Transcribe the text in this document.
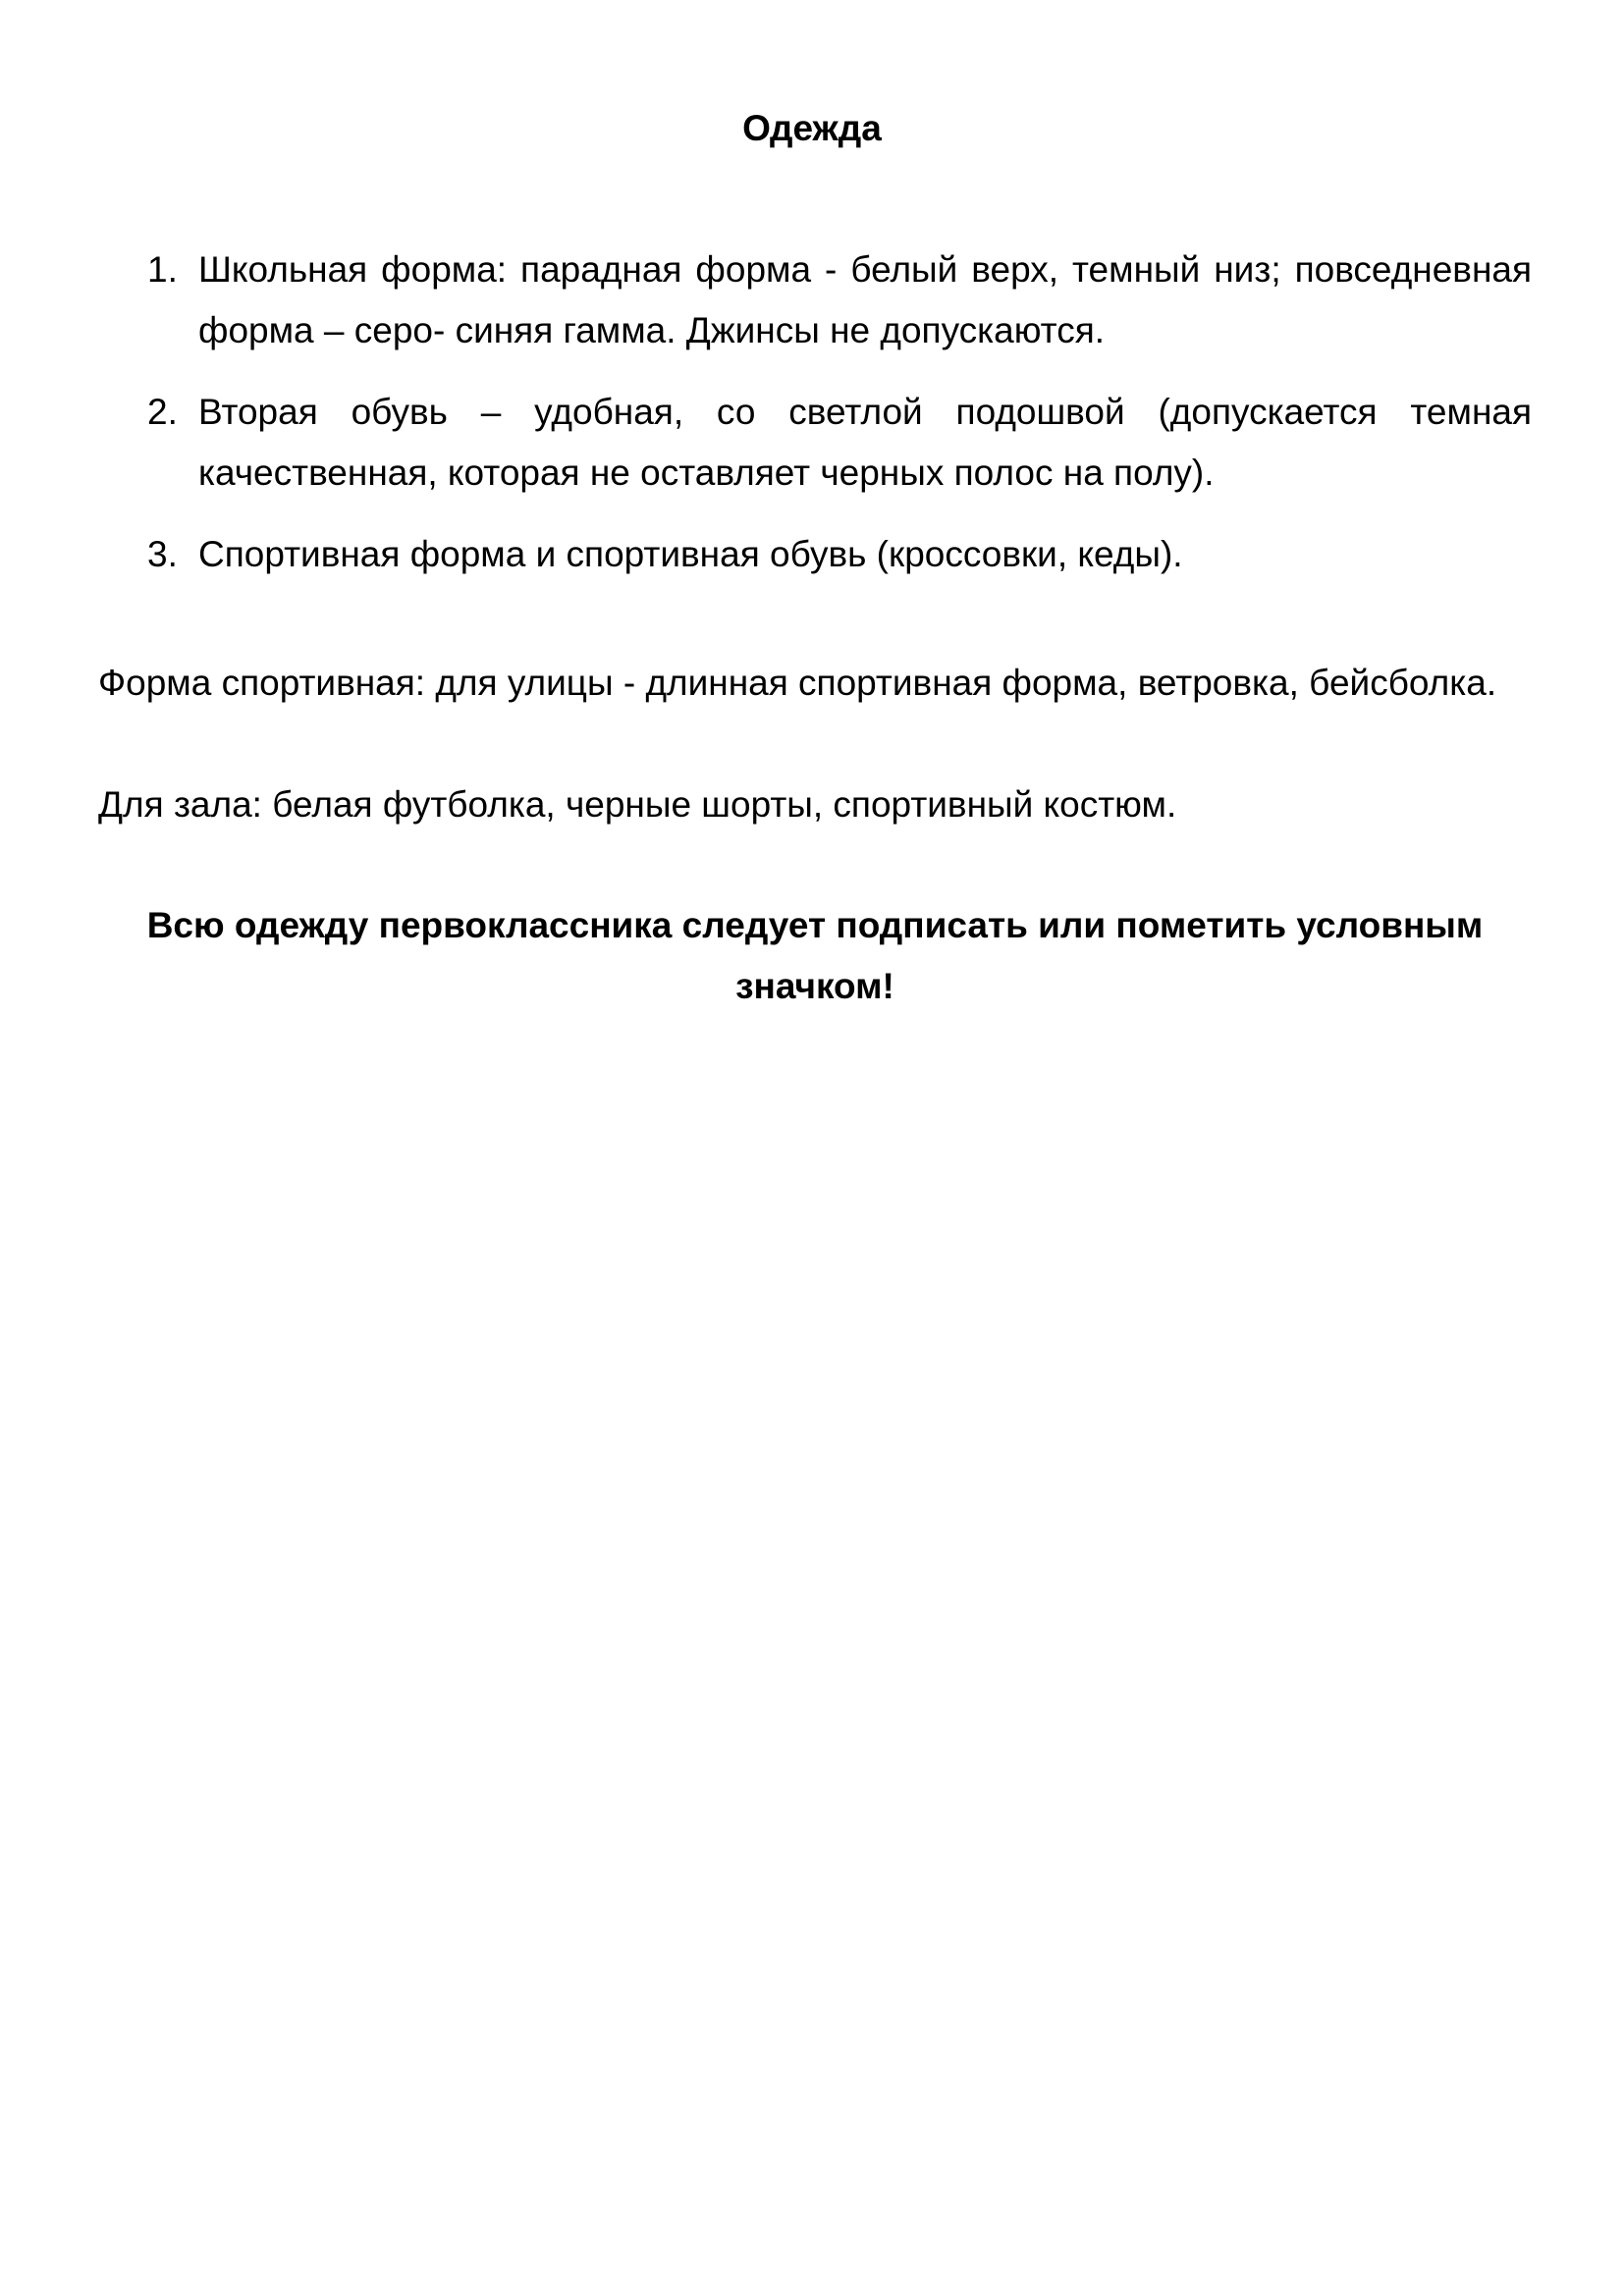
Одежда
1. Школьная форма: парадная форма - белый верх, темный низ; повседневная форма – серо- синяя гамма. Джинсы не допускаются.
2. Вторая обувь – удобная, со светлой подошвой (допускается темная качественная, которая не оставляет черных полос на полу).
3. Спортивная форма и спортивная обувь (кроссовки, кеды).

Форма спортивная: для улицы - длинная спортивная форма, ветровка, бейсболка.

Для зала: белая футболка, черные шорты, спортивный костюм.

Всю одежду первоклассника следует подписать или пометить условным значком!
